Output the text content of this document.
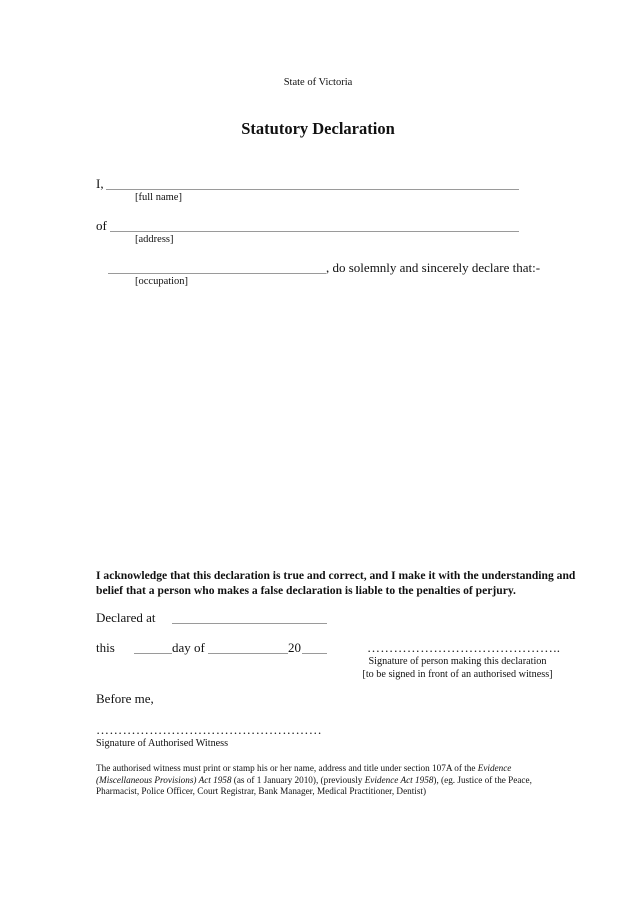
State of Victoria
Statutory Declaration
I,
[full name]
of
[address]
, do solemnly and sincerely declare that:-
[occupation]
I acknowledge that this declaration is true and correct, and I make it with the understanding and belief that a person who makes a false declaration is liable to the penalties of perjury.
Declared at
this	day of	20	……………………………………..
Signature of person making this declaration
[to be signed in front of an authorised witness]
Before me,
……………………………………………
Signature of Authorised Witness
The authorised witness must print or stamp his or her name, address and title under section 107A of the Evidence (Miscellaneous Provisions) Act 1958 (as of 1 January 2010), (previously Evidence Act 1958), (eg. Justice of the Peace, Pharmacist, Police Officer, Court Registrar, Bank Manager, Medical Practitioner, Dentist)
